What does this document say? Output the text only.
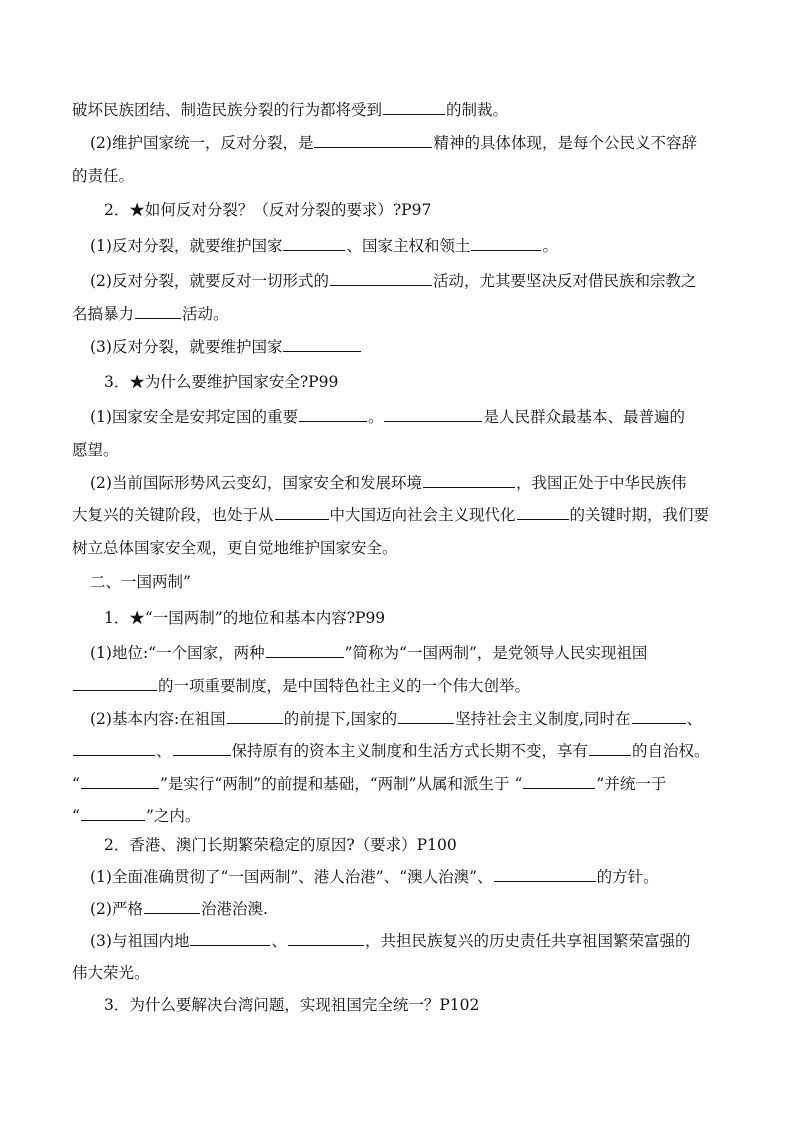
破坏民族团结、制造民族分裂的行为都将受到	的制裁。
(2)维护国家统一，反对分裂，是	精神的具体体现，是每个公民义不容辞
的责任。
2．★如何反对分裂？（反对分裂的要求）?P97
(1)反对分裂，就要维护国家	、国家主权和领土	。
(2)反对分裂，就要反对一切形式的	活动，尤其要坚决反对借民族和宗教之
名搞暴力	活动。
(3)反对分裂，就要维护国家
3．★为什么要维护国家安全?P99
(1)国家安全是安邦定国的重要	。	是人民群众最基本、最普遍的
愿望。
(2)当前国际形势风云变幻，国家安全和发展环境	，我国正处于中华民族伟
大复兴的关键阶段，也处于从	中大国迈向社会主义现代化	的关键时期，我们要
树立总体国家安全观，更自觉地维护国家安全。
二、一国两制”
1．★“一国两制”的地位和基本内容?P99
(1)地位:“一个国家，两种	”简称为“一国两制”，是党领导人民实现祖国
的一项重要制度，是中国特色社主义的一个伟大创举。
(2)基本内容:在祖国	的前提下,国家的	坚持社会主义制度,同时在	、
、	保持原有的资本主义制度和生活方式长期不变，享有	的自治权。
“	”是实行“两制”的前提和基础，“两制”从属和派生于 “	”并统一于
“	”之内。
2．香港、澳门长期繁荣稳定的原因?（要求）P100
(1)全面准确贯彻了“一国两制”、港人治港”、“澳人治澳”、	的方针。
(2)严格	治港治澳.
(3)与祖国内地	、	，共担民族复兴的历史责任共享祖国繁荣富强的
伟大荣光。
3．为什么要解决台湾问题，实现祖国完全统一？P102
